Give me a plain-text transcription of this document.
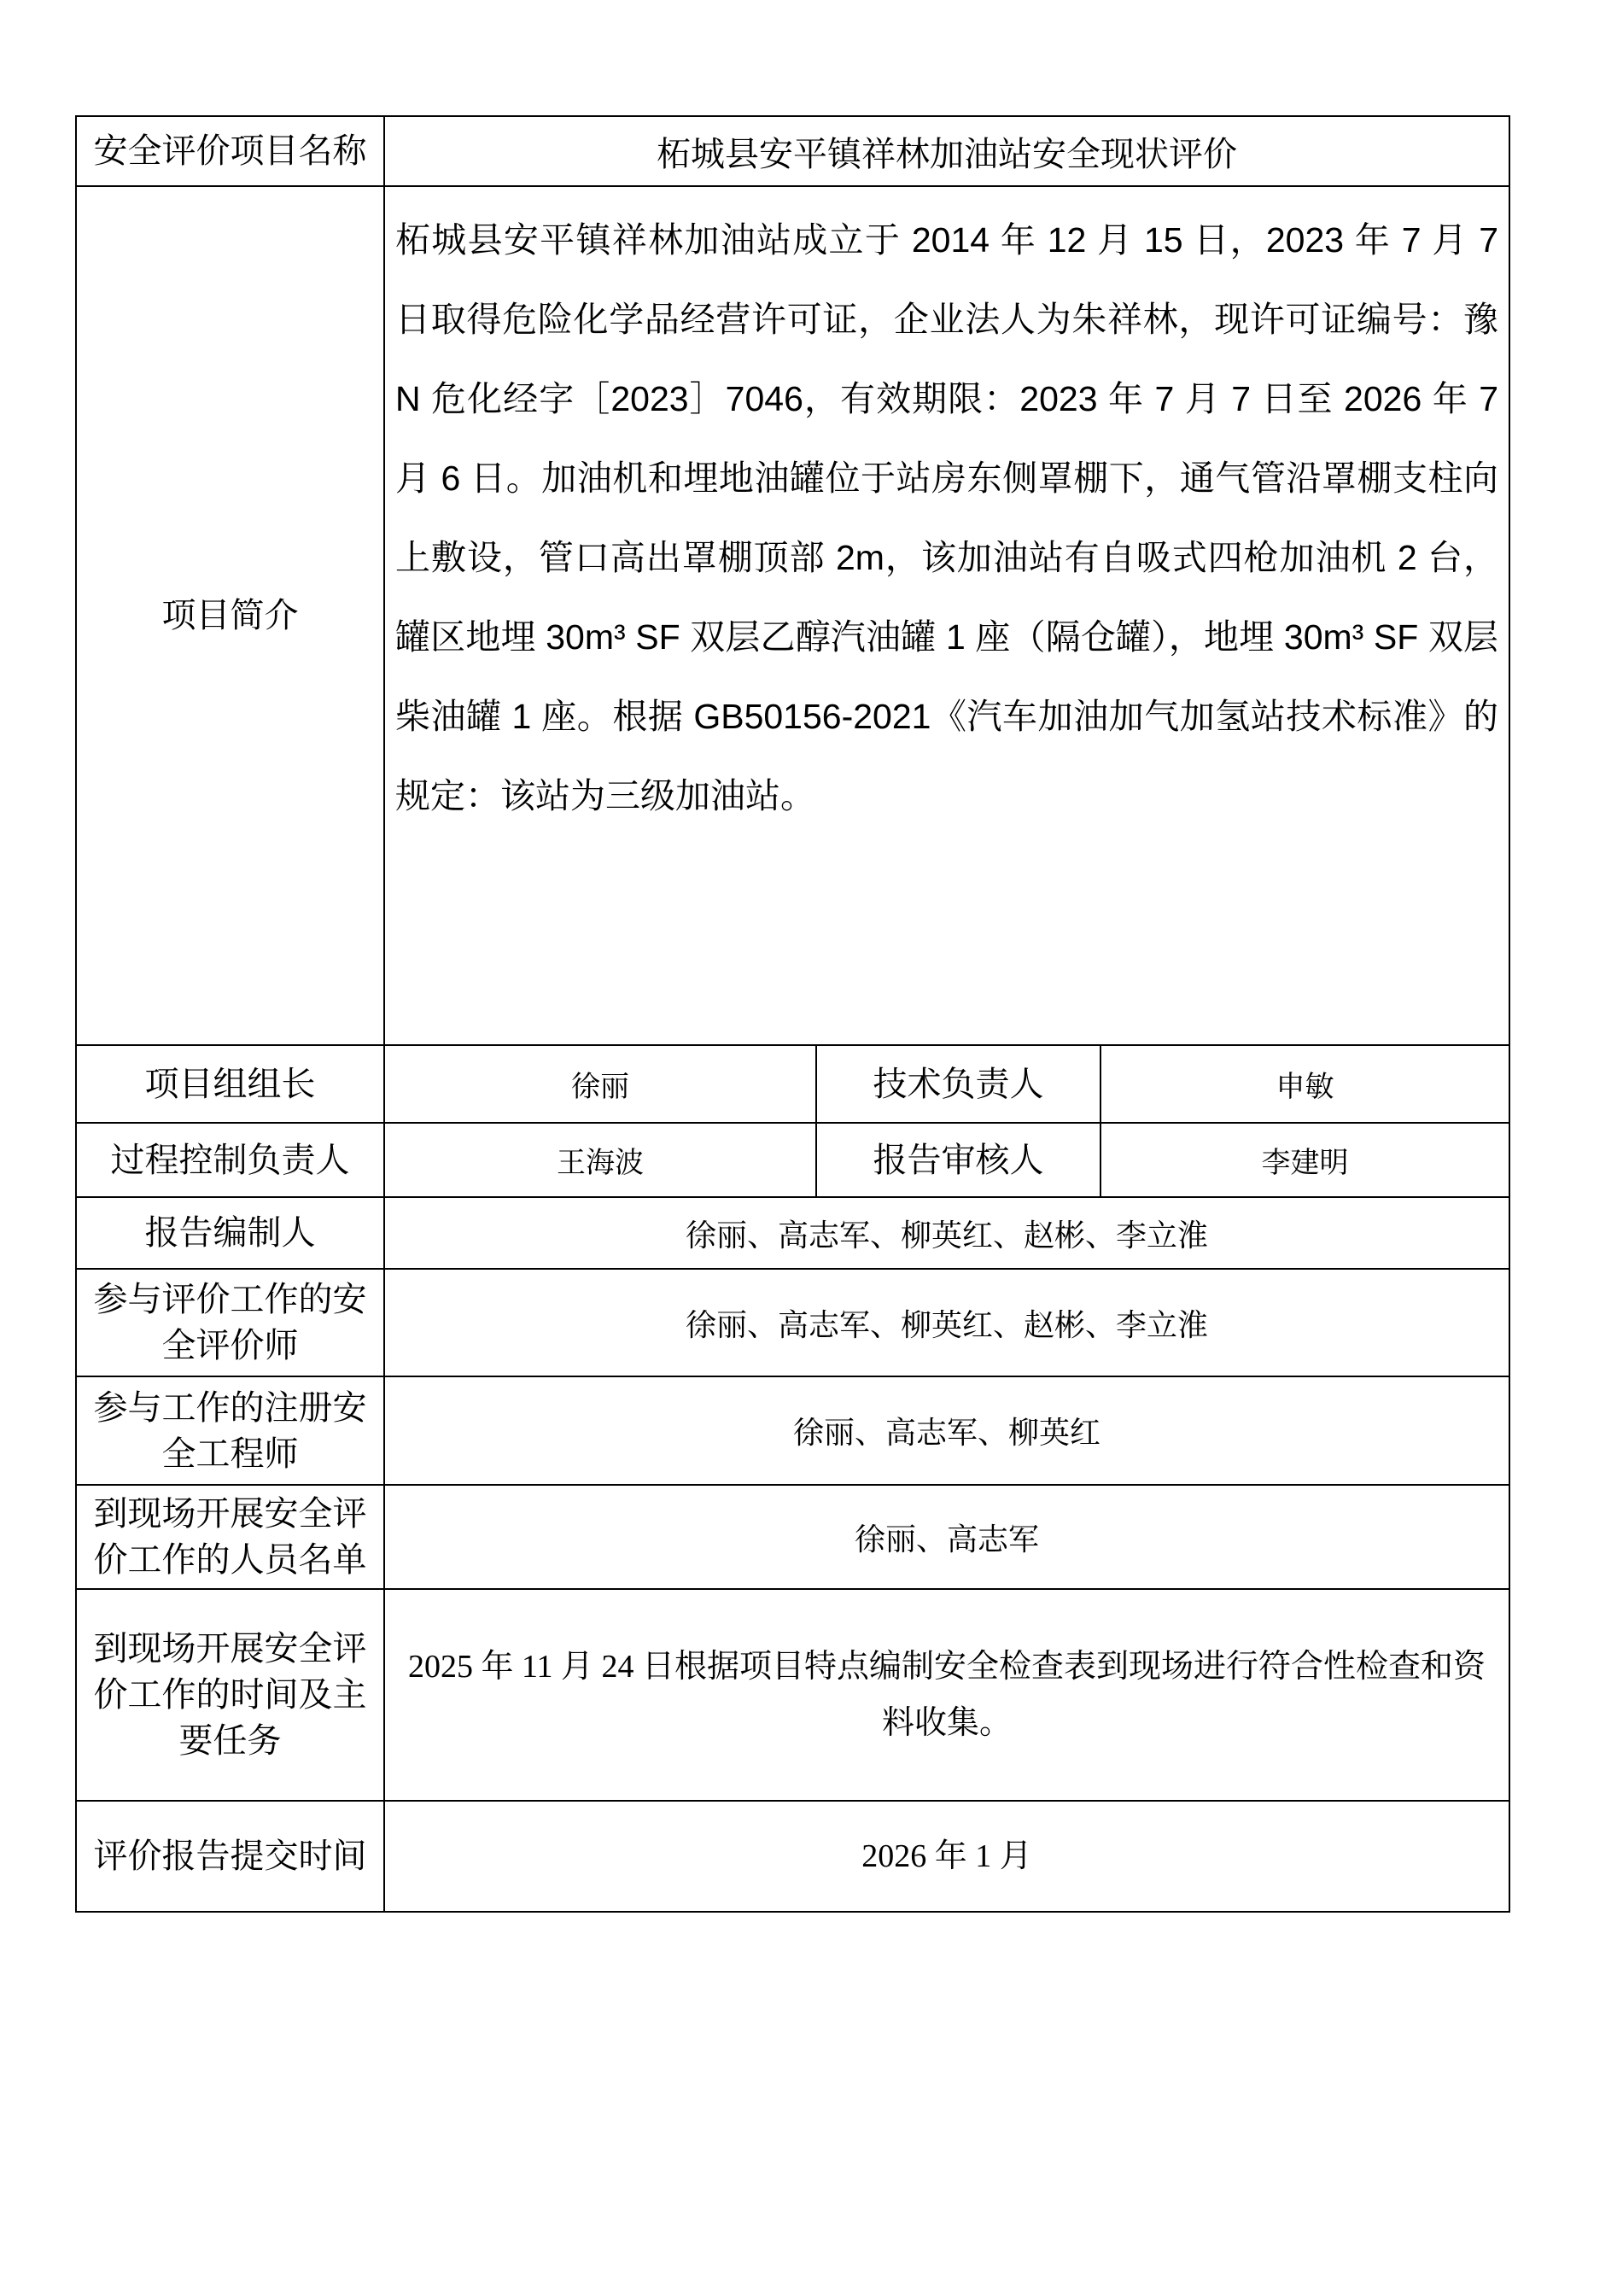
安全评价项目名称	柘城县安平镇祥林加油站安全现状评价		
项目简介	柘城县安平镇祥林加油站成立于 2014 年 12 月 15 日，2023 年 7 月 7 日取得危险化学品经营许可证，企业法人为朱祥林，现许可证编号：豫 N 危化经字［2023］7046，有效期限：2023 年 7 月 7 日至 2026 年 7 月 6 日。加油机和埋地油罐位于站房东侧罩棚下，通气管沿罩棚支柱向上敷设，管口高出罩棚顶部 2m，该加油站有自吸式四枪加油机 2 台，罐区地埋 30m³ SF 双层乙醇汽油罐 1 座（隔仓罐），地埋 30m³ SF 双层柴油罐 1 座。根据 GB50156-2021《汽车加油加气加氢站技术标准》的规定：该站为三级加油站。		
项目组组长	徐丽	技术负责人	申敏
过程控制负责人	王海波	报告审核人	李建明
报告编制人	徐丽、高志军、柳英红、赵彬、李立淮		
参与评价工作的安全评价师	徐丽、高志军、柳英红、赵彬、李立淮		
参与工作的注册安全工程师	徐丽、高志军、柳英红		
到现场开展安全评价工作的人员名单	徐丽、高志军		
到现场开展安全评价工作的时间及主要任务	2025 年 11 月 24 日根据项目特点编制安全检查表到现场进行符合性检查和资料收集。		
评价报告提交时间	2026 年 1 月		
